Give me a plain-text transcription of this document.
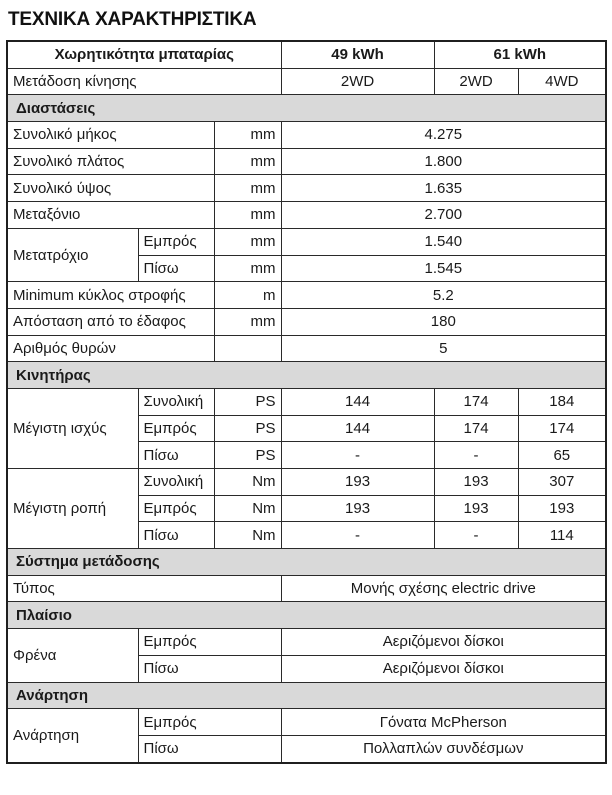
ΤΕΧΝΙΚΑ ΧΑΡΑΚΤΗΡΙΣΤΙΚΑ
Χωρητικότητα μπαταρίας			49 kWh	61 kWh	
Μετάδοση κίνησης			2WD	2WD	4WD
Διαστάσεις					
Συνολικό μήκος		mm	4.275		
Συνολικό πλάτος		mm	1.800		
Συνολικό ύψος		mm	1.635		
Μεταξόνιο		mm	2.700		
Μετατρόχιο	Εμπρός	mm	1.540		
	Πίσω	mm	1.545		
Minimum κύκλος στροφής		m	5.2		
Απόσταση από το έδαφος		mm	180		
Αριθμός θυρών			5		
Κινητήρας					
Μέγιστη ισχύς	Συνολική	PS	144	174	184
	Εμπρός	PS	144	174	174
	Πίσω	PS	-	-	65
Μέγιστη ροπή	Συνολική	Nm	193	193	307
	Εμπρός	Nm	193	193	193
	Πίσω	Nm	-	-	114
Σύστημα μετάδοσης					
Τύπος			Μονής σχέσης electric drive		
Πλαίσιο					
Φρένα	Εμπρός		Αεριζόμενοι δίσκοι		
	Πίσω		Αεριζόμενοι δίσκοι		
Ανάρτηση					
Ανάρτηση	Εμπρός		Γόνατα McPherson		
	Πίσω		Πολλαπλών συνδέσμων		
